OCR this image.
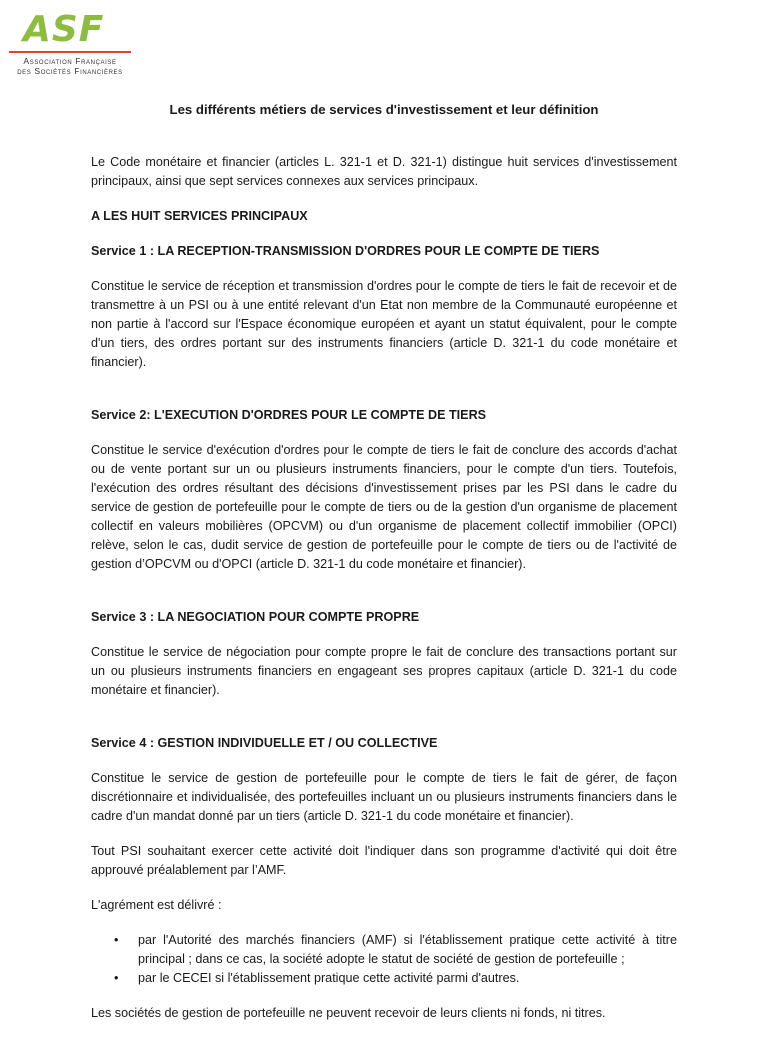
ASF
Association Française
des Sociétés Financières
Les différents métiers de services d'investissement et leur définition

Le Code monétaire et financier (articles L. 321-1 et D. 321-1) distingue huit services d'investissement principaux, ainsi que sept services connexes aux services principaux.

A LES HUIT SERVICES PRINCIPAUX
Service 1 : LA RECEPTION-TRANSMISSION D'ORDRES POUR LE COMPTE DE TIERS

Constitue le service de réception et transmission d'ordres pour le compte de tiers le fait de recevoir et de transmettre à un PSI ou à une entité relevant d'un Etat non membre de la Communauté européenne et non partie à l'accord sur l'Espace économique européen et ayant un statut équivalent, pour le compte d'un tiers, des ordres portant sur des instruments financiers (article D. 321-1 du code monétaire et financier).

Service 2: L'EXECUTION D'ORDRES POUR LE COMPTE DE TIERS

Constitue le service d'exécution d'ordres pour le compte de tiers le fait de conclure des accords d'achat ou de vente portant sur un ou plusieurs instruments financiers, pour le compte d'un tiers. Toutefois, l'exécution des ordres résultant des décisions d'investissement prises par les PSI dans le cadre du service de gestion de portefeuille pour le compte de tiers ou de la gestion d'un organisme de placement collectif en valeurs mobilières (OPCVM) ou d'un organisme de placement collectif immobilier (OPCI) relève, selon le cas, dudit service de gestion de portefeuille pour le compte de tiers ou de l'activité de gestion d’OPCVM ou d'OPCI (article D. 321-1 du code monétaire et financier).

Service 3 : LA NEGOCIATION POUR COMPTE PROPRE

Constitue le service de négociation pour compte propre le fait de conclure des transactions portant sur un ou plusieurs instruments financiers en engageant ses propres capitaux (article D. 321-1 du code monétaire et financier).

Service 4 : GESTION INDIVIDUELLE ET / OU COLLECTIVE

Constitue le service de gestion de portefeuille pour le compte de tiers le fait de gérer, de façon discrétionnaire et individualisée, des portefeuilles incluant un ou plusieurs instruments financiers dans le cadre d'un mandat donné par un tiers (article D. 321-1 du code monétaire et financier).

Tout PSI souhaitant exercer cette activité doit l'indiquer dans son programme d'activité qui doit être approuvé préalablement par l’AMF.

L'agrément est délivré :

• par l'Autorité des marchés financiers (AMF) si l'établissement pratique cette activité à titre principal ; dans ce cas, la société adopte le statut de société de gestion de portefeuille ;
• par le CECEI si l'établissement pratique cette activité parmi d'autres.

Les sociétés de gestion de portefeuille ne peuvent recevoir de leurs clients ni fonds, ni titres.
